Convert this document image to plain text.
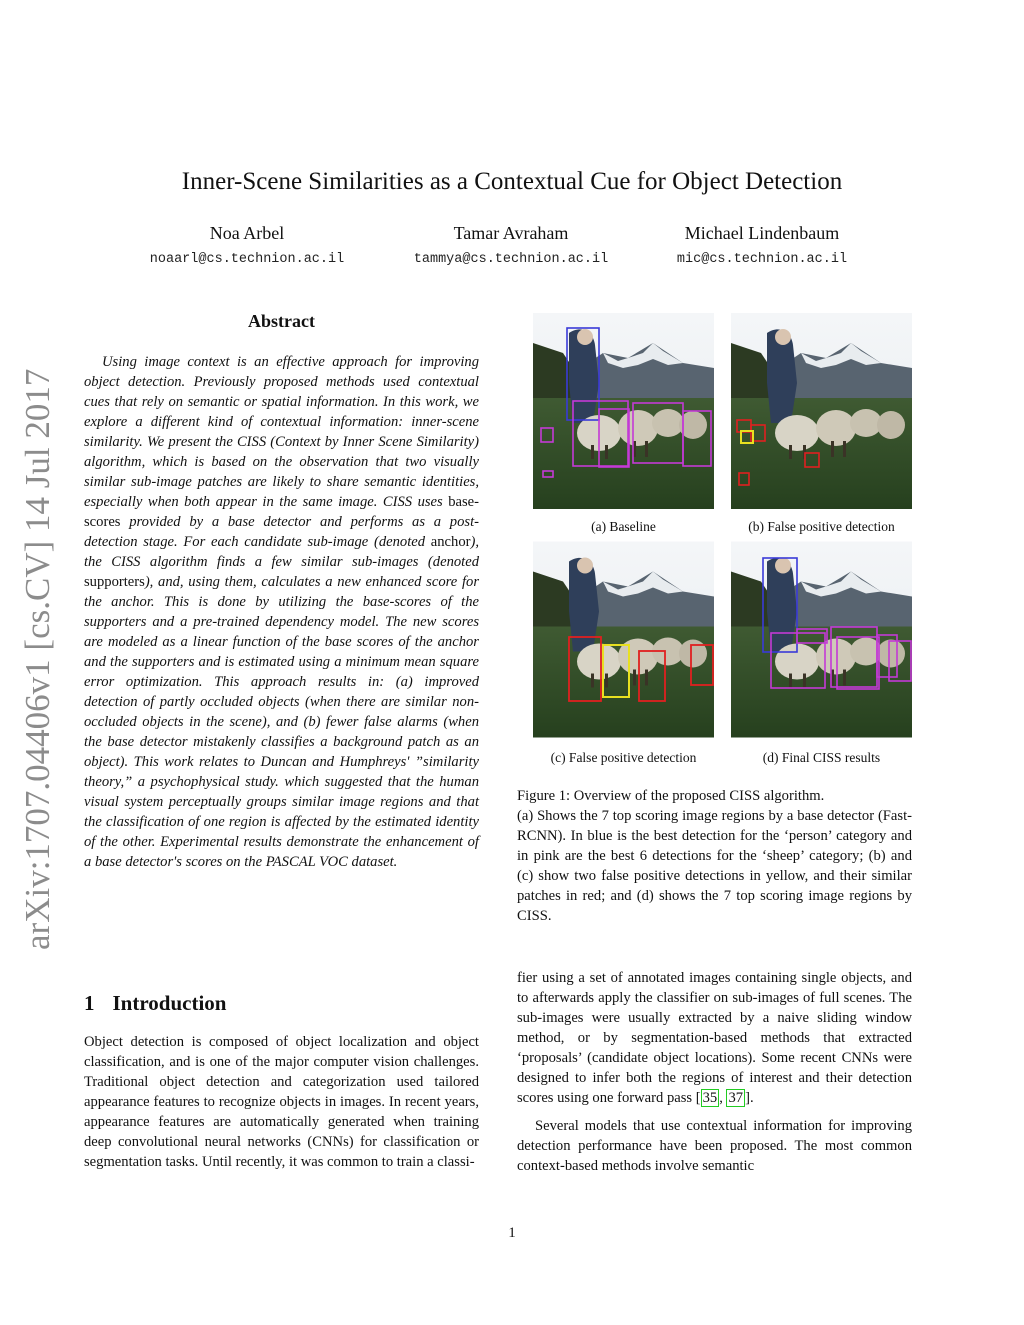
arXiv:1707.04406v1 [cs.CV] 14 Jul 2017
Inner-Scene Similarities as a Contextual Cue for Object Detection
Noa Arbel
noaarl@cs.technion.ac.il
Tamar Avraham
tammya@cs.technion.ac.il
Michael Lindenbaum
mic@cs.technion.ac.il
Abstract
Using image context is an effective approach for improving object detection. Previously proposed methods used contextual cues that rely on semantic or spatial information. In this work, we explore a different kind of contextual information: inner-scene similarity. We present the CISS (Context by Inner Scene Similarity) algorithm, which is based on the observation that two visually similar sub-image patches are likely to share semantic identities, especially when both appear in the same image. CISS uses base-scores provided by a base detector and performs as a post-detection stage. For each candidate sub-image (denoted anchor), the CISS algorithm finds a few similar sub-images (denoted supporters), and, using them, calculates a new enhanced score for the anchor. This is done by utilizing the base-scores of the supporters and a pre-trained dependency model. The new scores are modeled as a linear function of the base scores of the anchor and the supporters and is estimated using a minimum mean square error optimization. This approach results in: (a) improved detection of partly occluded objects (when there are similar non-occluded objects in the scene), and (b) fewer false alarms (when the base detector mistakenly classifies a background patch as an object). This work relates to Duncan and Humphreys' ”similarity theory,” a psychophysical study. which suggested that the human visual system perceptually groups similar image regions and that the classification of one region is affected by the estimated identity of the other. Experimental results demonstrate the enhancement of a base detector's scores on the PASCAL VOC dataset.
(a) Baseline	(b) False positive detection
(c) False positive detection	(d) Final CISS results
Figure 1: Overview of the proposed CISS algorithm.
(a) Shows the 7 top scoring image regions by a base detector (Fast-RCNN). In blue is the best detection for the ‘person’ category and in pink are the best 6 detections for the ‘sheep’ category; (b) and (c) show two false positive detections in yellow, and their similar patches in red; and (d) shows the 7 top scoring image regions by CISS.
1 Introduction
Object detection is composed of object localization and object classification, and is one of the major computer vision challenges. Traditional object detection and categorization used tailored appearance features to recognize objects in images. In recent years, appearance features are automatically generated when training deep convolutional neural networks (CNNs) for classification or segmentation tasks. Until recently, it was common to train a classi-

fier using a set of annotated images containing single objects, and to afterwards apply the classifier on sub-images of full scenes. The sub-images were usually extracted by a naive sliding window method, or by segmentation-based methods that extracted ‘proposals’ (candidate object locations). Some recent CNNs were designed to infer both the regions of interest and their detection scores using one forward pass [ 35 , 37 ].

Several models that use contextual information for improving detection performance have been proposed. The most common context-based methods involve semantic

1
